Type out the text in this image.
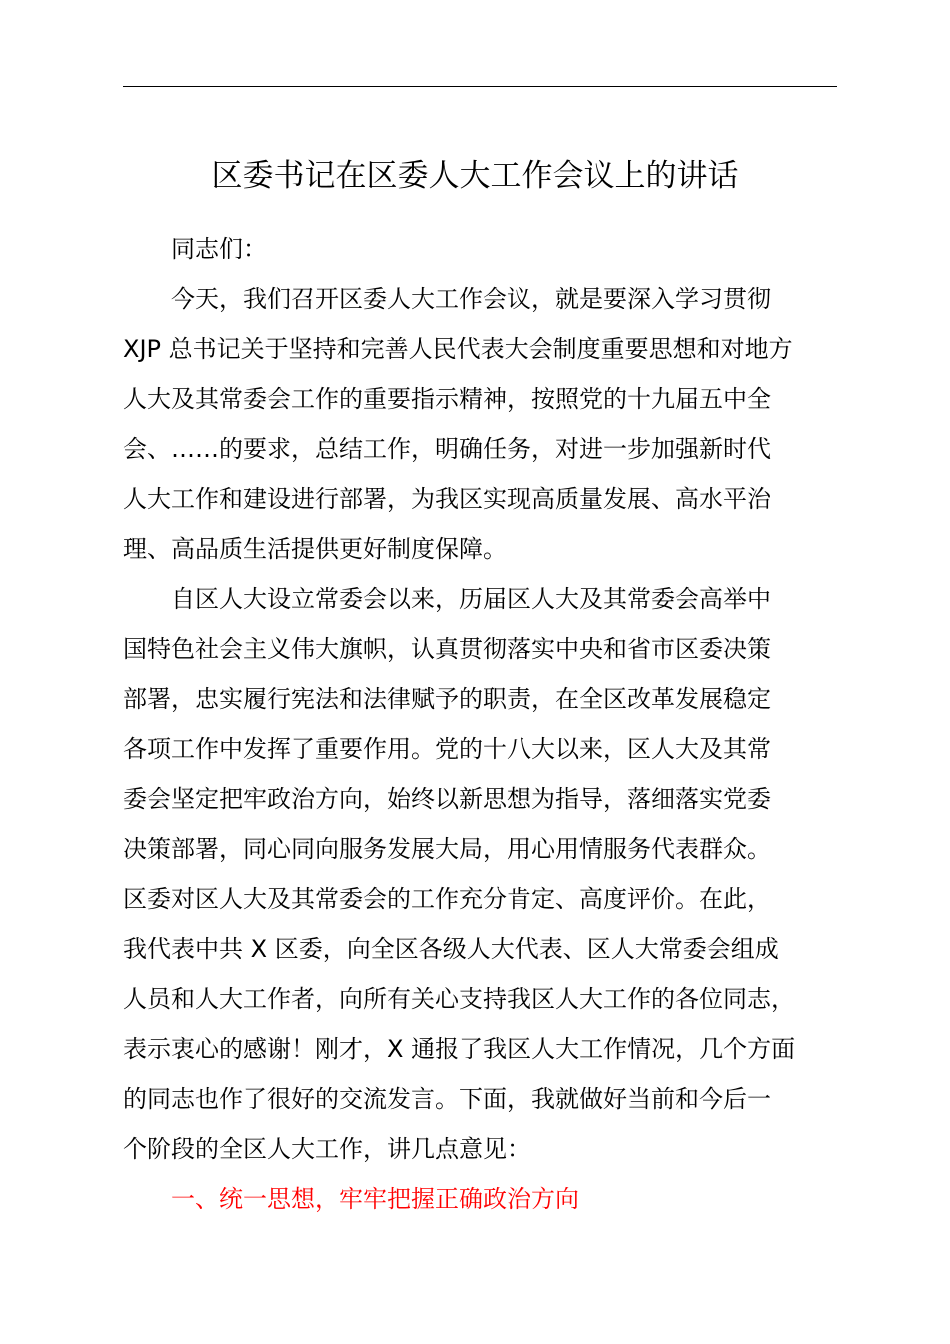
区委书记在区委人大工作会议上的讲话
同志们：
　　今天，我们召开区委人大工作会议，就是要深入学习贯彻
XJP 总书记关于坚持和完善人民代表大会制度重要思想和对地方
人大及其常委会工作的重要指示精神，按照党的十九届五中全
会、……的要求，总结工作，明确任务，对进一步加强新时代
人大工作和建设进行部署，为我区实现高质量发展、高水平治
理、高品质生活提供更好制度保障。
　　自区人大设立常委会以来，历届区人大及其常委会高举中
国特色社会主义伟大旗帜，认真贯彻落实中央和省市区委决策
部署，忠实履行宪法和法律赋予的职责，在全区改革发展稳定
各项工作中发挥了重要作用。党的十八大以来，区人大及其常
委会坚定把牢政治方向，始终以新思想为指导，落细落实党委
决策部署，同心同向服务发展大局，用心用情服务代表群众。
区委对区人大及其常委会的工作充分肯定、高度评价。在此，
我代表中共 X 区委，向全区各级人大代表、区人大常委会组成
人员和人大工作者，向所有关心支持我区人大工作的各位同志，
表示衷心的感谢！刚才，X 通报了我区人大工作情况，几个方面
的同志也作了很好的交流发言。下面，我就做好当前和今后一
个阶段的全区人大工作，讲几点意见：
一、统一思想，牢牢把握正确政治方向
